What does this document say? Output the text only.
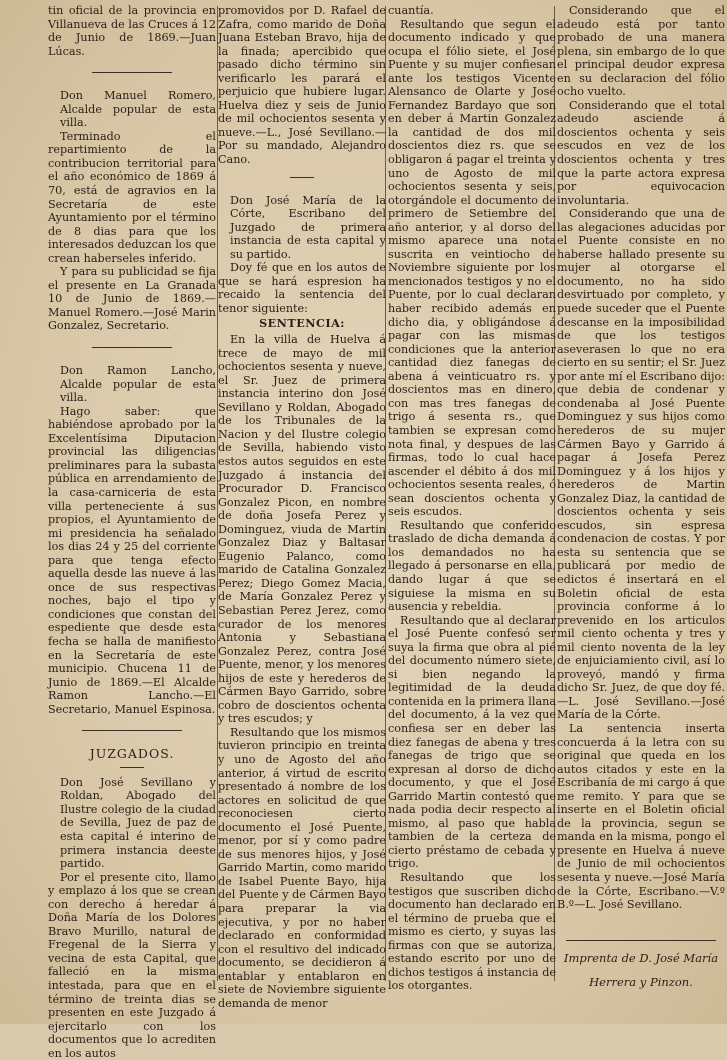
tin oficial de la provincia en Villanueva de las Cruces á 12 de Junio de 1869.—Juan Lúcas.

Don Manuel Romero, Alcalde popular de esta villa.

Terminado el repartimiento de la contribucion territorial para el año económico de 1869 á 70, está de agravios en la Secretaría de este Ayuntamiento por el término de 8 dias para que los interesados deduzcan los que crean haberseles inferido.

Y para su publicidad se fija el presente en La Granada 10 de Junio de 1869.—Manuel Romero.—José Marin Gonzalez, Secretario.

Don Ramon Lancho, Alcalde popular de esta villa.

Hago saber: que habiéndose aprobado por la Excelentísima Diputacion provincial las diligencias preliminares para la subasta pública en arrendamiento de la casa-carniceria de esta villa perteneciente á sus propios, el Ayuntamiento de mi presidencia ha señalado los dias 24 y 25 del corriente para que tenga efecto aquella desde las nueve á las once de sus respectivas noches, bajo el tipo y condiciones que constan del espediente que desde esta fecha se halla de manifiesto en la Secretaría de este municipio. Chucena 11 de Junio de 1869.—El Alcalde Ramon Lancho.—El Secretario, Manuel Espinosa.

JUZGADOS.

Don José Sevillano y Roldan, Abogado del Ilustre colegio de la ciudad de Sevilla, Juez de paz de esta capital é interino de primera instancia deeste partido.

Por el presente cito, llamo y emplazo á los que se crean con derecho á heredar á Doña María de los Dolores Bravo Murillo, natural de Fregenal de la Sierra y vecina de esta Capital, que falleció en la misma intestada, para que en el término de treinta dias se presenten en este Juzgado á ejercitarlo con los documentos que lo acrediten en los autos

promovidos por D. Rafael de Zafra, como marido de Doña Juana Esteban Bravo, hija de la finada; apercibido que pasado dicho término sin verificarlo les parará el perjuicio que hubiere lugar. Huelva diez y seis de Junio de mil ochocientos sesenta y nueve.—L., José Sevillano.—Por su mandado, Alejandro Cano.

Don José María de la Córte, Escribano del Juzgado de primera instancia de esta capital y su partido.

Doy fé que en los autos de que se hará espresion ha recaido la sentencia del tenor siguiente:

SENTENCIA:

En la villa de Huelva á trece de mayo de mil ochocientos sesenta y nueve, el Sr. Juez de primera instancia interino don José Sevillano y Roldan, Abogado de los Tribunales de la Nacion y del Ilustre colegio de Sevilla, habiendo visto estos autos seguidos en este Juzgado á instancia del Procurador D. Francisco Gonzalez Picon, en nombre de doña Josefa Perez y Dominguez, viuda de Martin Gonzalez Diaz y Baltasar Eugenio Palanco, como marido de Catalina Gonzalez Perez; Diego Gomez Macia, de María Gonzalez Perez y Sebastian Perez Jerez, como curador de los menores Antonia y Sebastiana Gonzalez Perez, contra José Puente, menor, y los menores hijos de este y herederos de Cármen Bayo Garrido, sobre cobro de doscientos ochenta y tres escudos; y

Resultando que los mismos tuvieron principio en treinta y uno de Agosto del año anterior, á virtud de escrito presentado á nombre de los actores en solicitud de que reconociesen cierto documento el José Puente, menor, por sí y como padre de sus menores hijos, y José Garrido Martin, como marido de Isabel Puente Bayo, hija del Puente y de Cármen Bayo para preparar la via ejecutiva, y por no haber declarado en conformidad con el resultivo del indicado documento, se decidieron á entablar y entablaron en siete de Noviembre siguiente demanda de menor

cuantía.

Resultando que segun el documento indicado y que ocupa el fólio siete, el José Puente y su mujer confiesan ante los testigos Vicente Alensanco de Olarte y José Fernandez Bardayo que son en deber á Martin Gonzalez la cantidad de dos mil doscientos diez rs. que se obligaron á pagar el treinta y uno de Agosto de mil ochocientos sesenta y seis, otorgándole el documento de primero de Setiembre del año anterior, y al dorso del mismo aparece una nota suscrita en veintiocho de Noviembre siguiente por los mencionados testigos y no el Puente, por lo cual declaran haber recibido además en dicho dia, y obligándose á pagar con las mismas condiciones que la anterior cantidad diez fanegas de abena á veinticuatro rs. y doscientos mas en dinero, con mas tres fanegas de trigo á sesenta rs., que tambien se expresan como nota final, y despues de las firmas, todo lo cual hace ascender el débito á dos mil ochocientos sesenta reales, ó sean doscientos ochenta y seis escudos.

Resultando que conferido traslado de dicha demanda á los demandados no ha llegado á personarse en ella, dando lugar á que se siguiese la misma en su ausencia y rebeldia.

Resultando que al declarar el José Puente confesó ser suya la firma que obra al pié del documento número siete, si bien negando la legitimidad de la deuda contenida en la primera llana del documento, á la vez que confiesa ser en deber las diez fanegas de abena y tres fanegas de trigo que se expresan al dorso de dicho documento, y que el José Garrido Martin contestó que nada podia decir respecto al mismo, al paso que habla tambien de la certeza de cierto préstamo de cebada y trigo.

Resultando que los testigos que suscriben dicho documento han declarado en el término de prueba que el mismo es cierto, y suyas las firmas con que se autoriza, estando escrito por uno de dichos testigos á instancia de los otorgantes.

Considerando que el adeudo está por tanto probado de una manera plena, sin embargo de lo que el principal deudor expresa en su declaracion del fólio ocho vuelto.

Considerando que el total adeudo asciende á doscientos ochenta y seis escudos en vez de los doscientos ochenta y tres que la parte actora expresa por equivocacion involuntaria.

Considerando que una de las alegaciones aducidas por el Puente consiste en no haberse hallado presente su mujer al otorgarse el documento, no ha sido desvirtuado por completo, y puede suceder que el Puente descanse en la imposibilidad de que los testigos aseverasen lo que no era cierto en su sentir; el Sr. Juez por ante mí el Escribano dijo: que debia de condenar y condenaba al José Puente Dominguez y sus hijos como herederos de su mujer Cármen Bayo y Garrido á pagar á Josefa Perez Dominguez y á los hijos y herederos de Martin Gonzalez Diaz, la cantidad de doscientos ochenta y seis escudos, sin espresa condenacion de costas. Y por esta su sentencia que se publicará por medio de edictos é insertará en el Boletin oficial de esta provincia conforme á lo prevenido en los articulos mil ciento ochenta y tres y mil ciento noventa de la ley de enjuiciamiento civil, así lo proveyó, mandó y firma dicho Sr. Juez, de que doy fé.—L. José Sevillano.—José María de la Córte.

La sentencia inserta concuerda á la letra con su original que queda en los autos citados y este en la Escribanía de mi cargo á que me remito. Y para que se inserte en el Boletin oficial de la provincia, segun se manda en la misma, pongo el presente en Huelva á nueve de Junio de mil ochocientos sesenta y nueve.—José María de la Córte, Escribano.—V.º B.º—L. José Sevillano.

Imprenta de D. José María

Herrera y Pinzon.
